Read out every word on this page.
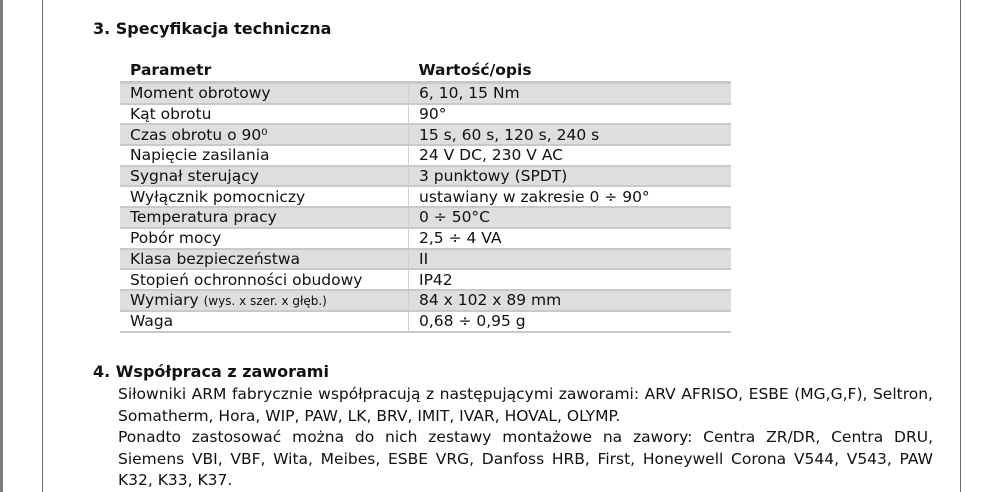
3. Specyfikacja techniczna
Parametr	Wartość/opis
Moment obrotowy	6, 10, 15 Nm
Kąt obrotu	90°
Czas obrotu o 90⁰	15 s, 60 s, 120 s, 240 s
Napięcie zasilania	24 V DC, 230 V AC
Sygnał sterujący	3 punktowy (SPDT)
Wyłącznik pomocniczy	ustawiany w zakresie 0 ÷ 90°
Temperatura pracy	0 ÷ 50°C
Pobór mocy	2,5 ÷ 4 VA
Klasa bezpieczeństwa	II
Stopień ochronności obudowy	IP42
Wymiary (wys. x szer. x głęb.)	84 x 102 x 89 mm
Waga	0,68 ÷ 0,95 g
4. Współpraca z zaworami

Siłowniki ARM fabrycznie współpracują z następującymi zaworami: ARV AFRISO, ESBE (MG,G,F), Seltron, Somatherm, Hora, WIP, PAW, LK, BRV, IMIT, IVAR, HOVAL, OLYMP.

Ponadto zastosować można do nich zestawy montażowe na zawory: Centra ZR/DR, Centra DRU, Siemens VBI, VBF, Wita, Meibes, ESBE VRG, Danfoss HRB, First, Honeywell Corona V544, V543, PAW K32, K33, K37.
